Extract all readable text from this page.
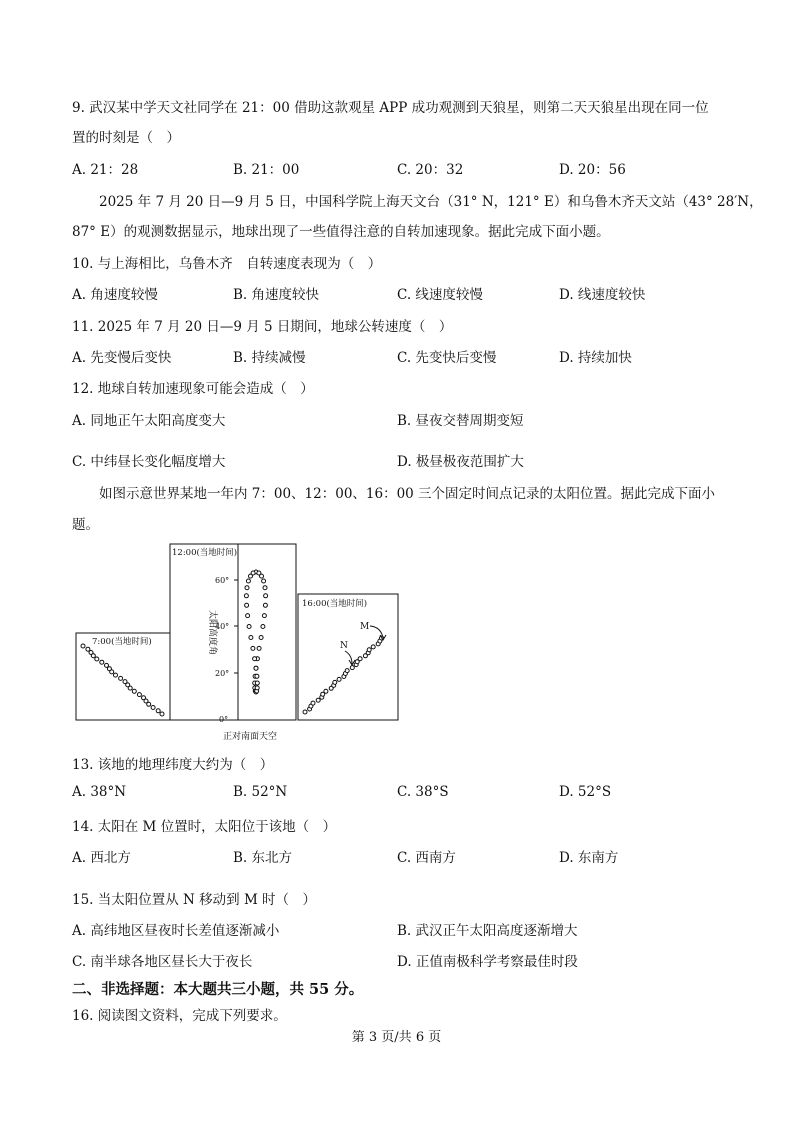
9. 武汉某中学天文社同学在 21：00 借助这款观星 APP 成功观测到天狼星，则第二天天狼星出现在同一位
置的时刻是（　）
A. 21：28	B. 21：00	C. 20：32	D. 20：56
2025 年 7 月 20 日—9 月 5 日，中国科学院上海天文台（31° N，121° E）和乌鲁木齐天文站（43° 28′N，
87° E）的观测数据显示，地球出现了一些值得注意的自转加速现象。据此完成下面小题。
10. 与上海相比，乌鲁木齐　自转速度表现为（　）
A. 角速度较慢	B. 角速度较快	C. 线速度较慢	D. 线速度较快
11. 2025 年 7 月 20 日—9 月 5 日期间，地球公转速度（　）
A. 先变慢后变快	B. 持续减慢	C. 先变快后变慢	D. 持续加快
12. 地球自转加速现象可能会造成（　）
A. 同地正午太阳高度变大	B. 昼夜交替周期变短
C. 中纬昼长变化幅度增大	D. 极昼极夜范围扩大
如图示意世界某地一年内 7：00、12：00、16：00 三个固定时间点记录的太阳位置。据此完成下面小
题。
7:00(当地时间)
12:00(当地时间)
60°
40°
20°
0°
太阳高度角
16:00(当地时间)
M
N
正对南面天空
13. 该地的地理纬度大约为（　）
A. 38°N	B. 52°N	C. 38°S	D. 52°S
14. 太阳在 M 位置时，太阳位于该地（　）
A. 西北方	B. 东北方	C. 西南方	D. 东南方
15. 当太阳位置从 N 移动到 M 时（　）
A. 高纬地区昼夜时长差值逐渐减小	B. 武汉正午太阳高度逐渐增大
C. 南半球各地区昼长大于夜长	D. 正值南极科学考察最佳时段
二、非选择题：本大题共三小题，共 55 分。
16. 阅读图文资料，完成下列要求。
第 3 页/共 6 页
